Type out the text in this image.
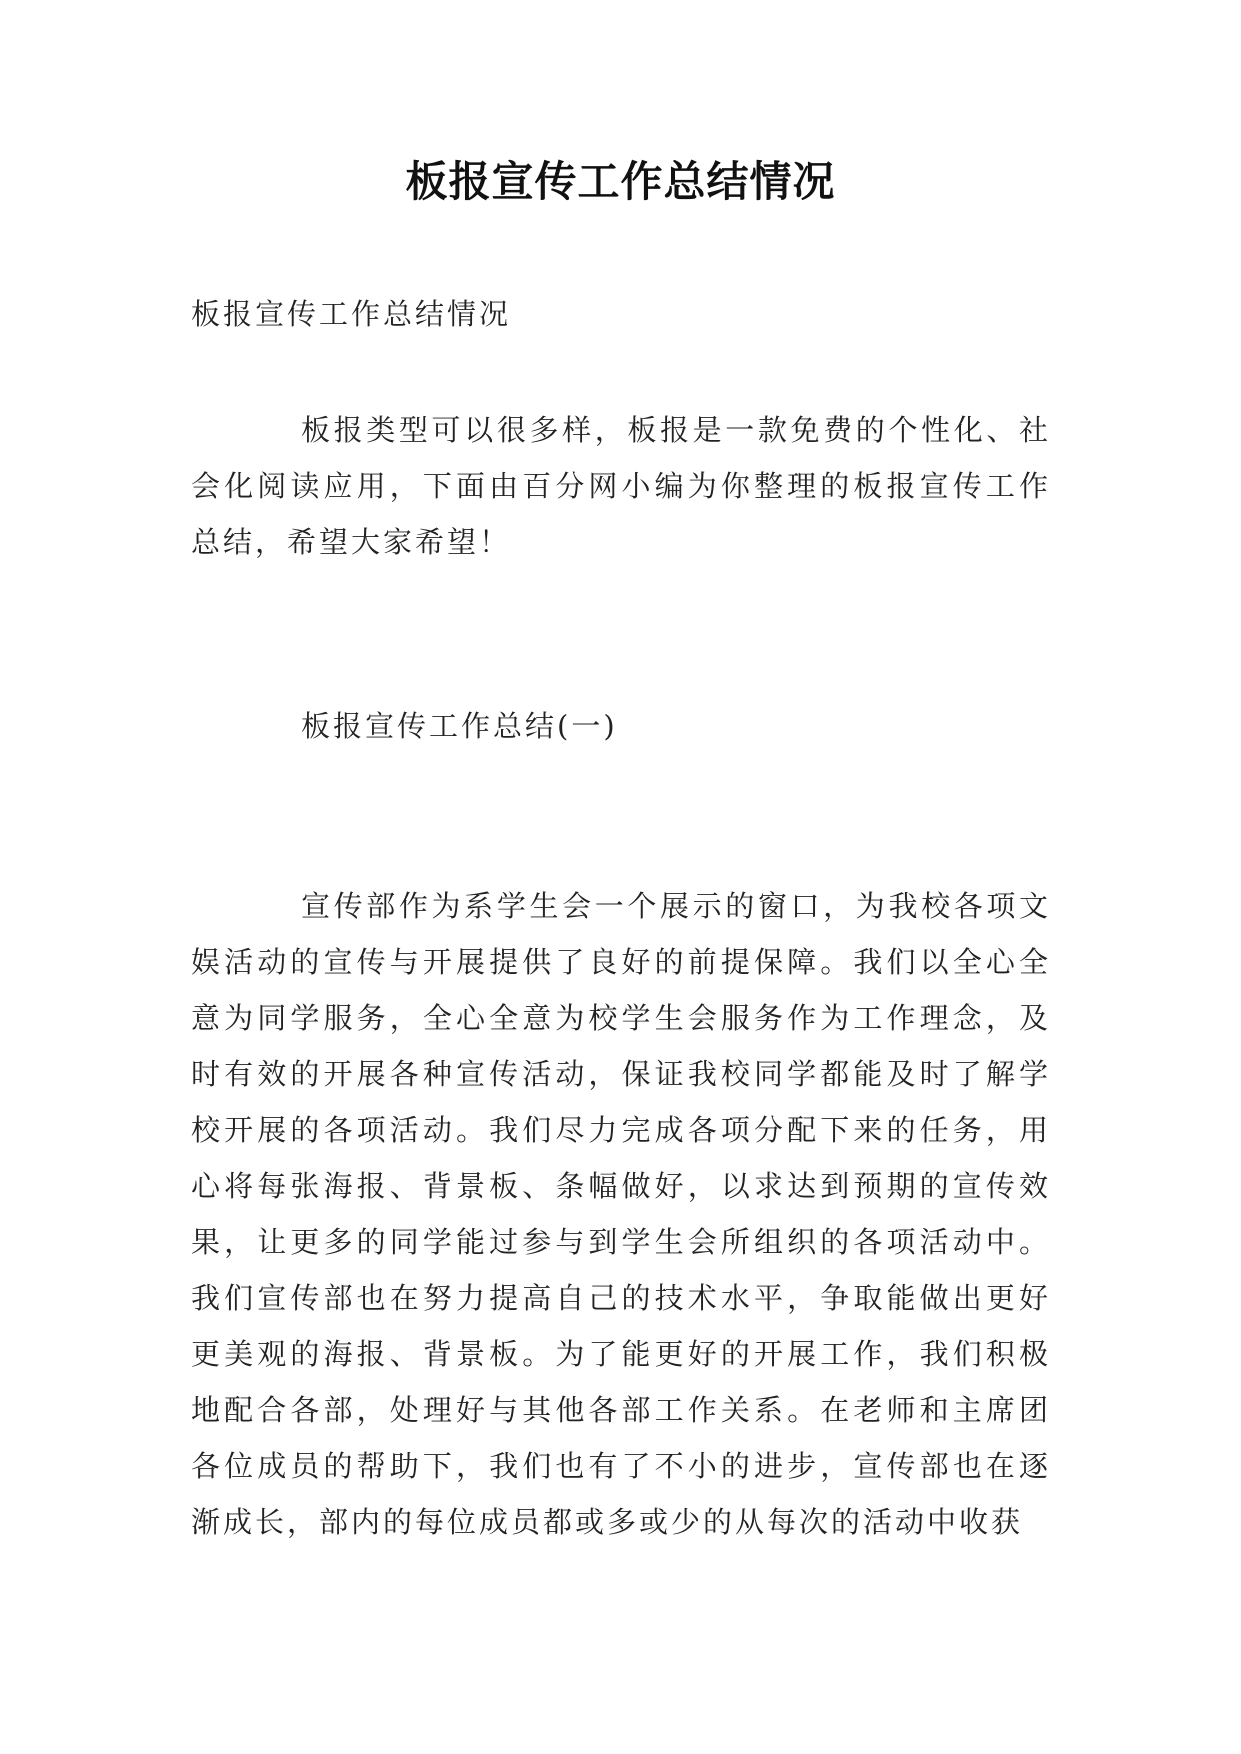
板报宣传工作总结情况
板报宣传工作总结情况

板报类型可以很多样，板报是一款免费的个性化、社会化阅读应用，下面由百分网小编为你整理的板报宣传工作总结，希望大家希望！

板报宣传工作总结(一)

宣传部作为系学生会一个展示的窗口，为我校各项文娱活动的宣传与开展提供了良好的前提保障。我们以全心全意为同学服务，全心全意为校学生会服务作为工作理念，及时有效的开展各种宣传活动，保证我校同学都能及时了解学校开展的各项活动。我们尽力完成各项分配下来的任务，用心将每张海报、背景板、条幅做好，以求达到预期的宣传效果，让更多的同学能过参与到学生会所组织的各项活动中。我们宣传部也在努力提高自己的技术水平，争取能做出更好更美观的海报、背景板。为了能更好的开展工作，我们积极地配合各部，处理好与其他各部工作关系。在老师和主席团各位成员的帮助下，我们也有了不小的进步，宣传部也在逐渐成长，部内的每位成员都或多或少的从每次的活动中收获
